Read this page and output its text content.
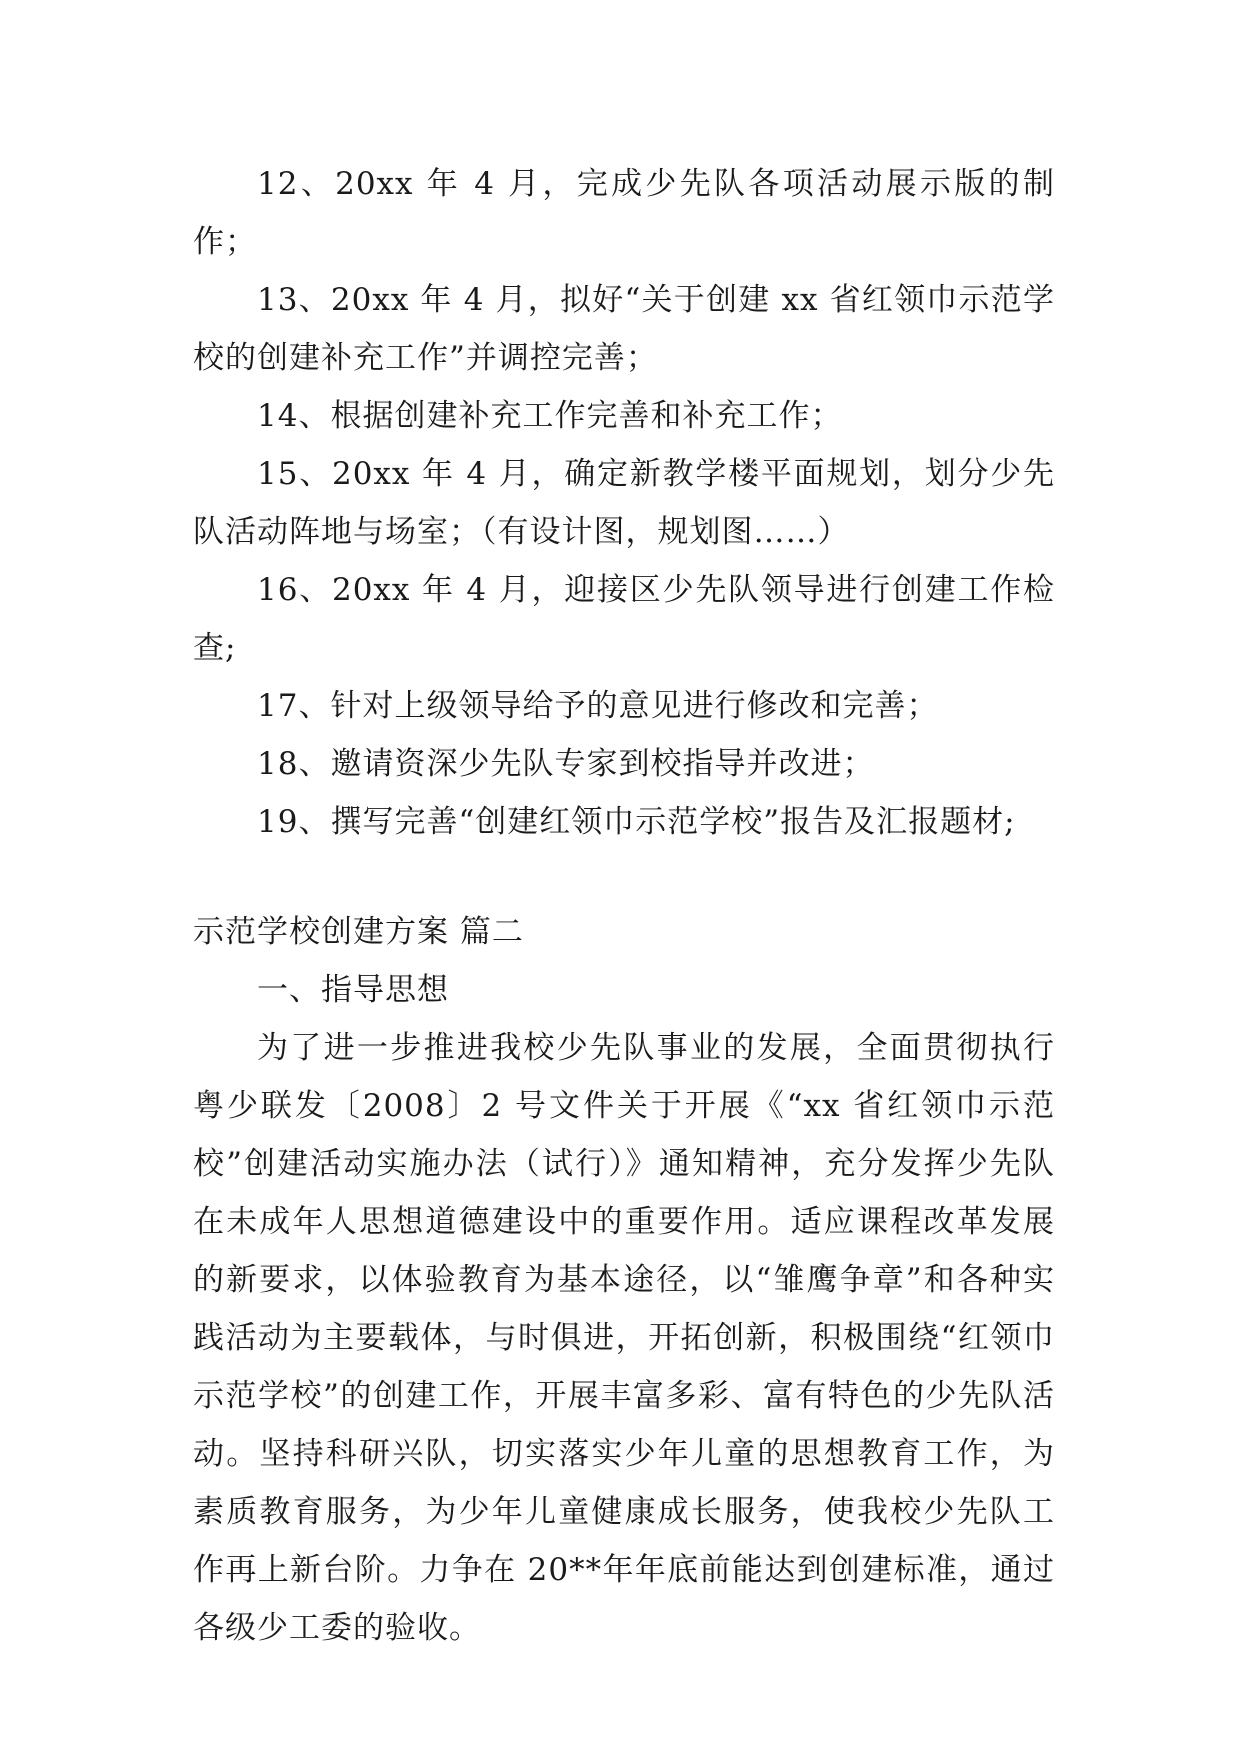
12、20xx 年 4 月，完成少先队各项活动展示版的制作；

13、20xx 年 4 月，拟好“关于创建 xx 省红领巾示范学校的创建补充工作”并调控完善；

14、根据创建补充工作完善和补充工作；

15、20xx 年 4 月，确定新教学楼平面规划，划分少先队活动阵地与场室；（有设计图，规划图……）

16、20xx 年 4 月，迎接区少先队领导进行创建工作检查;

17、针对上级领导给予的意见进行修改和完善；

18、邀请资深少先队专家到校指导并改进；

19、撰写完善“创建红领巾示范学校”报告及汇报题材;

示范学校创建方案 篇二

一、指导思想

为了进一步推进我校少先队事业的发展，全面贯彻执行粤少联发〔2008〕2 号文件关于开展《“xx 省红领巾示范校”创建活动实施办法（试行）》通知精神，充分发挥少先队在未成年人思想道德建设中的重要作用。适应课程改革发展的新要求，以体验教育为基本途径，以“雏鹰争章”和各种实践活动为主要载体，与时俱进，开拓创新，积极围绕“红领巾示范学校”的创建工作，开展丰富多彩、富有特色的少先队活动。坚持科研兴队，切实落实少年儿童的思想教育工作，为素质教育服务，为少年儿童健康成长服务，使我校少先队工作再上新台阶。力争在 20**年年底前能达到创建标准，通过各级少工委的验收。
